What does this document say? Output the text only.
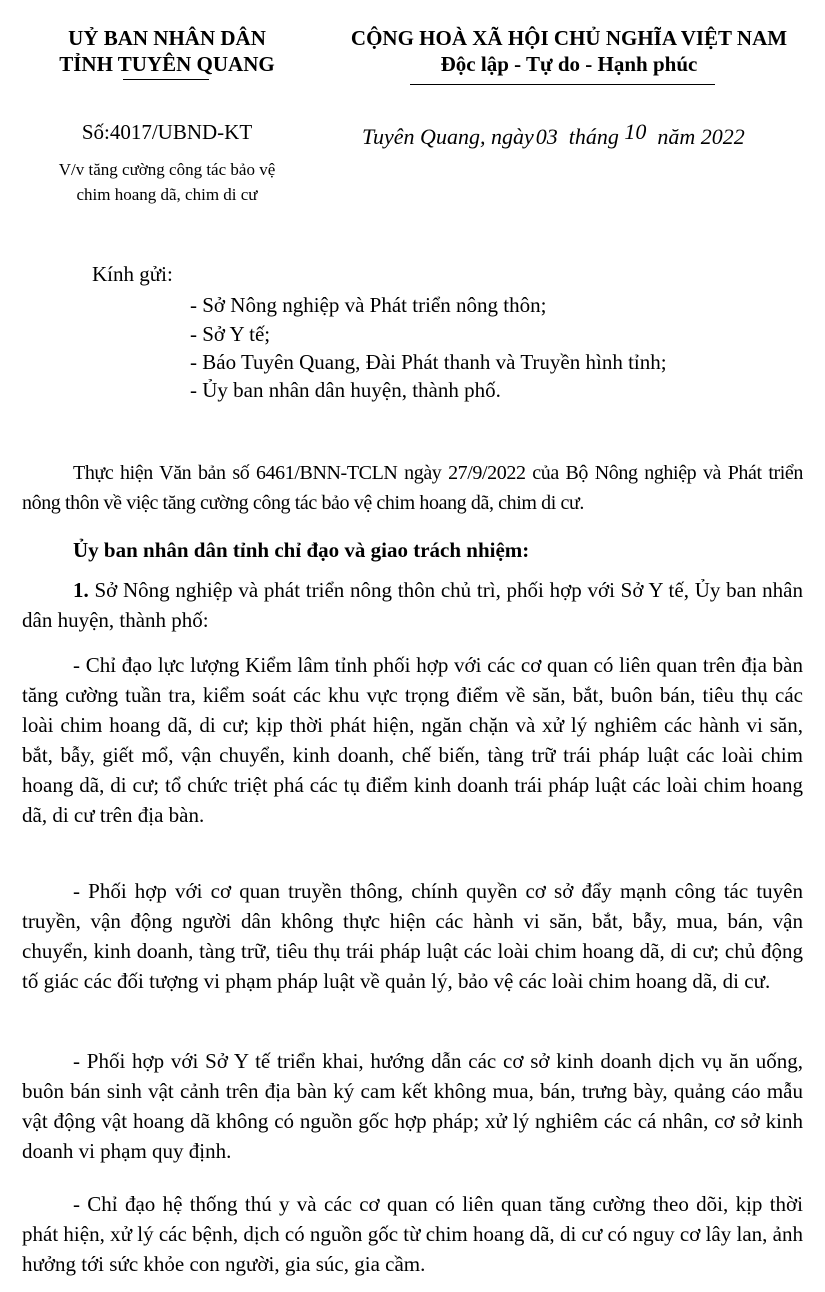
UỶ BAN NHÂN DÂN
TỈNH TUYÊN QUANG
CỘNG HOÀ XÃ HỘI CHỦ NGHĨA VIỆT NAM
Độc lập - Tự do - Hạnh phúc
Số:4017/UBND-KT	Tuyên Quang, ngày03 tháng 10 năm 2022
V/v tăng cường công tác bảo vệ
chim hoang dã, chim di cư
Kính gửi:
- Sở Nông nghiệp và Phát triển nông thôn;
- Sở Y tế;
- Báo Tuyên Quang, Đài Phát thanh và Truyền hình tỉnh;
- Ủy ban nhân dân huyện, thành phố.
Thực hiện Văn bản số 6461/BNN-TCLN ngày 27/9/2022 của Bộ Nông nghiệp và Phát triển nông thôn về việc tăng cường công tác bảo vệ chim hoang dã, chim di cư.
Ủy ban nhân dân tỉnh chỉ đạo và giao trách nhiệm:
1. Sở Nông nghiệp và phát triển nông thôn chủ trì, phối hợp với Sở Y tế, Ủy ban nhân dân huyện, thành phố:
- Chỉ đạo lực lượng Kiểm lâm tỉnh phối hợp với các cơ quan có liên quan trên địa bàn tăng cường tuần tra, kiểm soát các khu vực trọng điểm về săn, bắt, buôn bán, tiêu thụ các loài chim hoang dã, di cư; kịp thời phát hiện, ngăn chặn và xử lý nghiêm các hành vi săn, bắt, bẫy, giết mổ, vận chuyển, kinh doanh, chế biến, tàng trữ trái pháp luật các loài chim hoang dã, di cư; tổ chức triệt phá các tụ điểm kinh doanh trái pháp luật các loài chim hoang dã, di cư trên địa bàn.
- Phối hợp với cơ quan truyền thông, chính quyền cơ sở đẩy mạnh công tác tuyên truyền, vận động người dân không thực hiện các hành vi săn, bắt, bẫy, mua, bán, vận chuyển, kinh doanh, tàng trữ, tiêu thụ trái pháp luật các loài chim hoang dã, di cư; chủ động tố giác các đối tượng vi phạm pháp luật về quản lý, bảo vệ các loài chim hoang dã, di cư.
- Phối hợp với Sở Y tế triển khai, hướng dẫn các cơ sở kinh doanh dịch vụ ăn uống, buôn bán sinh vật cảnh trên địa bàn ký cam kết không mua, bán, trưng bày, quảng cáo mẫu vật động vật hoang dã không có nguồn gốc hợp pháp; xử lý nghiêm các cá nhân, cơ sở kinh doanh vi phạm quy định.
- Chỉ đạo hệ thống thú y và các cơ quan có liên quan tăng cường theo dõi, kịp thời phát hiện, xử lý các bệnh, dịch có nguồn gốc từ chim hoang dã, di cư có nguy cơ lây lan, ảnh hưởng tới sức khỏe con người, gia súc, gia cầm.
